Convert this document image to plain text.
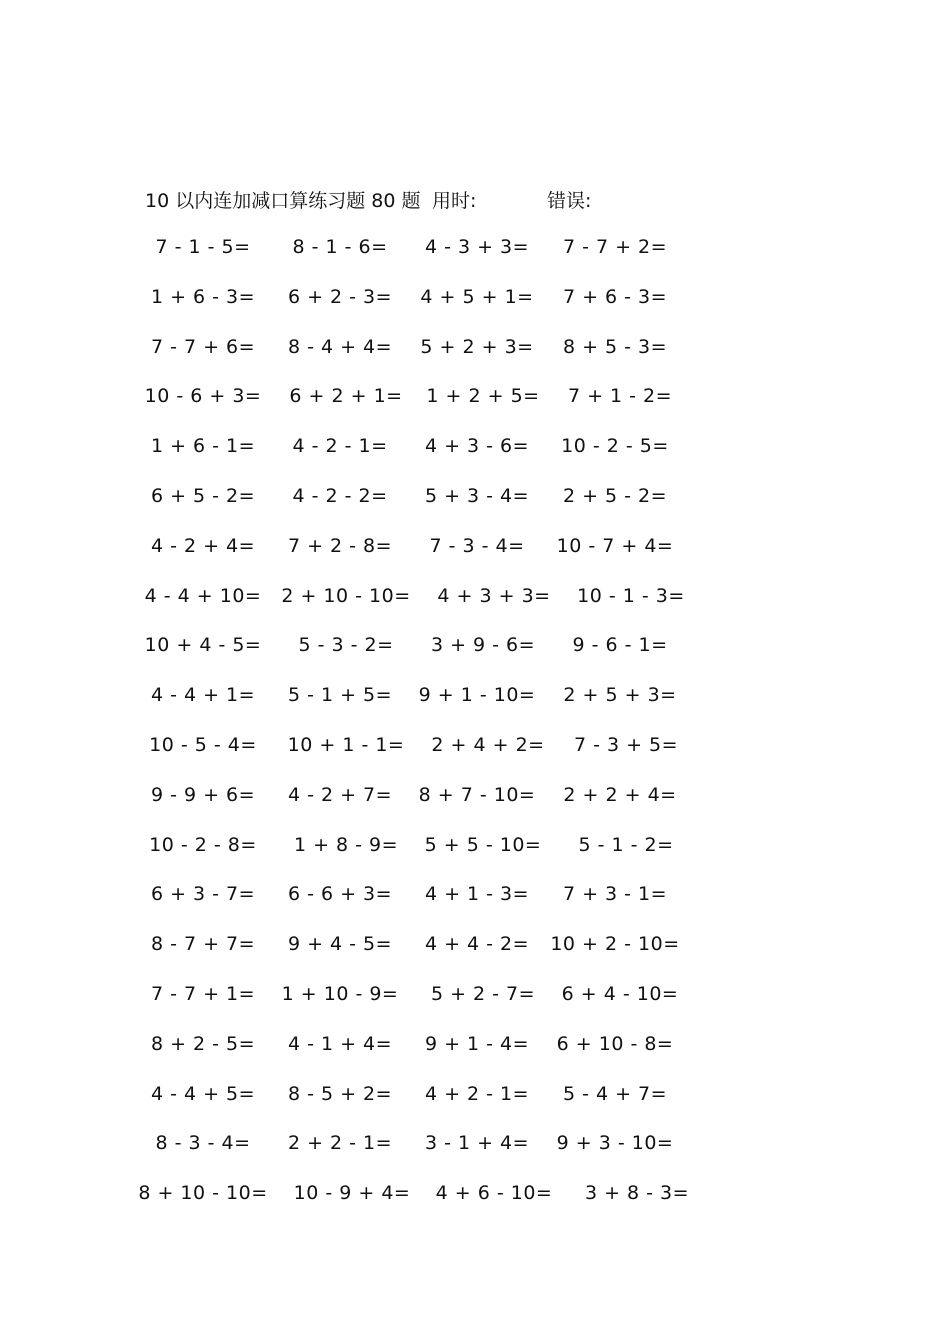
10 以内连加减口算练习题 80 题 用时:	错误:
7 - 1 - 5=	8 - 1 - 6=	4 - 3 + 3=	7 - 7 + 2=
1 + 6 - 3=	6 + 2 - 3=	4 + 5 + 1=	7 + 6 - 3=
7 - 7 + 6=	8 - 4 + 4=	5 + 2 + 3=	8 + 5 - 3=
10 - 6 + 3=	6 + 2 + 1=	1 + 2 + 5=	7 + 1 - 2=
1 + 6 - 1=	4 - 2 - 1=	4 + 3 - 6=	10 - 2 - 5=
6 + 5 - 2=	4 - 2 - 2=	5 + 3 - 4=	2 + 5 - 2=
4 - 2 + 4=	7 + 2 - 8=	7 - 3 - 4=	10 - 7 + 4=
4 - 4 + 10=	2 + 10 - 10=	4 + 3 + 3=	10 - 1 - 3=
10 + 4 - 5=	5 - 3 - 2=	3 + 9 - 6=	9 - 6 - 1=
4 - 4 + 1=	5 - 1 + 5=	9 + 1 - 10=	2 + 5 + 3=
10 - 5 - 4=	10 + 1 - 1=	2 + 4 + 2=	7 - 3 + 5=
9 - 9 + 6=	4 - 2 + 7=	8 + 7 - 10=	2 + 2 + 4=
10 - 2 - 8=	1 + 8 - 9=	5 + 5 - 10=	5 - 1 - 2=
6 + 3 - 7=	6 - 6 + 3=	4 + 1 - 3=	7 + 3 - 1=
8 - 7 + 7=	9 + 4 - 5=	4 + 4 - 2=	10 + 2 - 10=
7 - 7 + 1=	1 + 10 - 9=	5 + 2 - 7=	6 + 4 - 10=
8 + 2 - 5=	4 - 1 + 4=	9 + 1 - 4=	6 + 10 - 8=
4 - 4 + 5=	8 - 5 + 2=	4 + 2 - 1=	5 - 4 + 7=
8 - 3 - 4=	2 + 2 - 1=	3 - 1 + 4=	9 + 3 - 10=
8 + 10 - 10=	10 - 9 + 4=	4 + 6 - 10=	3 + 8 - 3=
